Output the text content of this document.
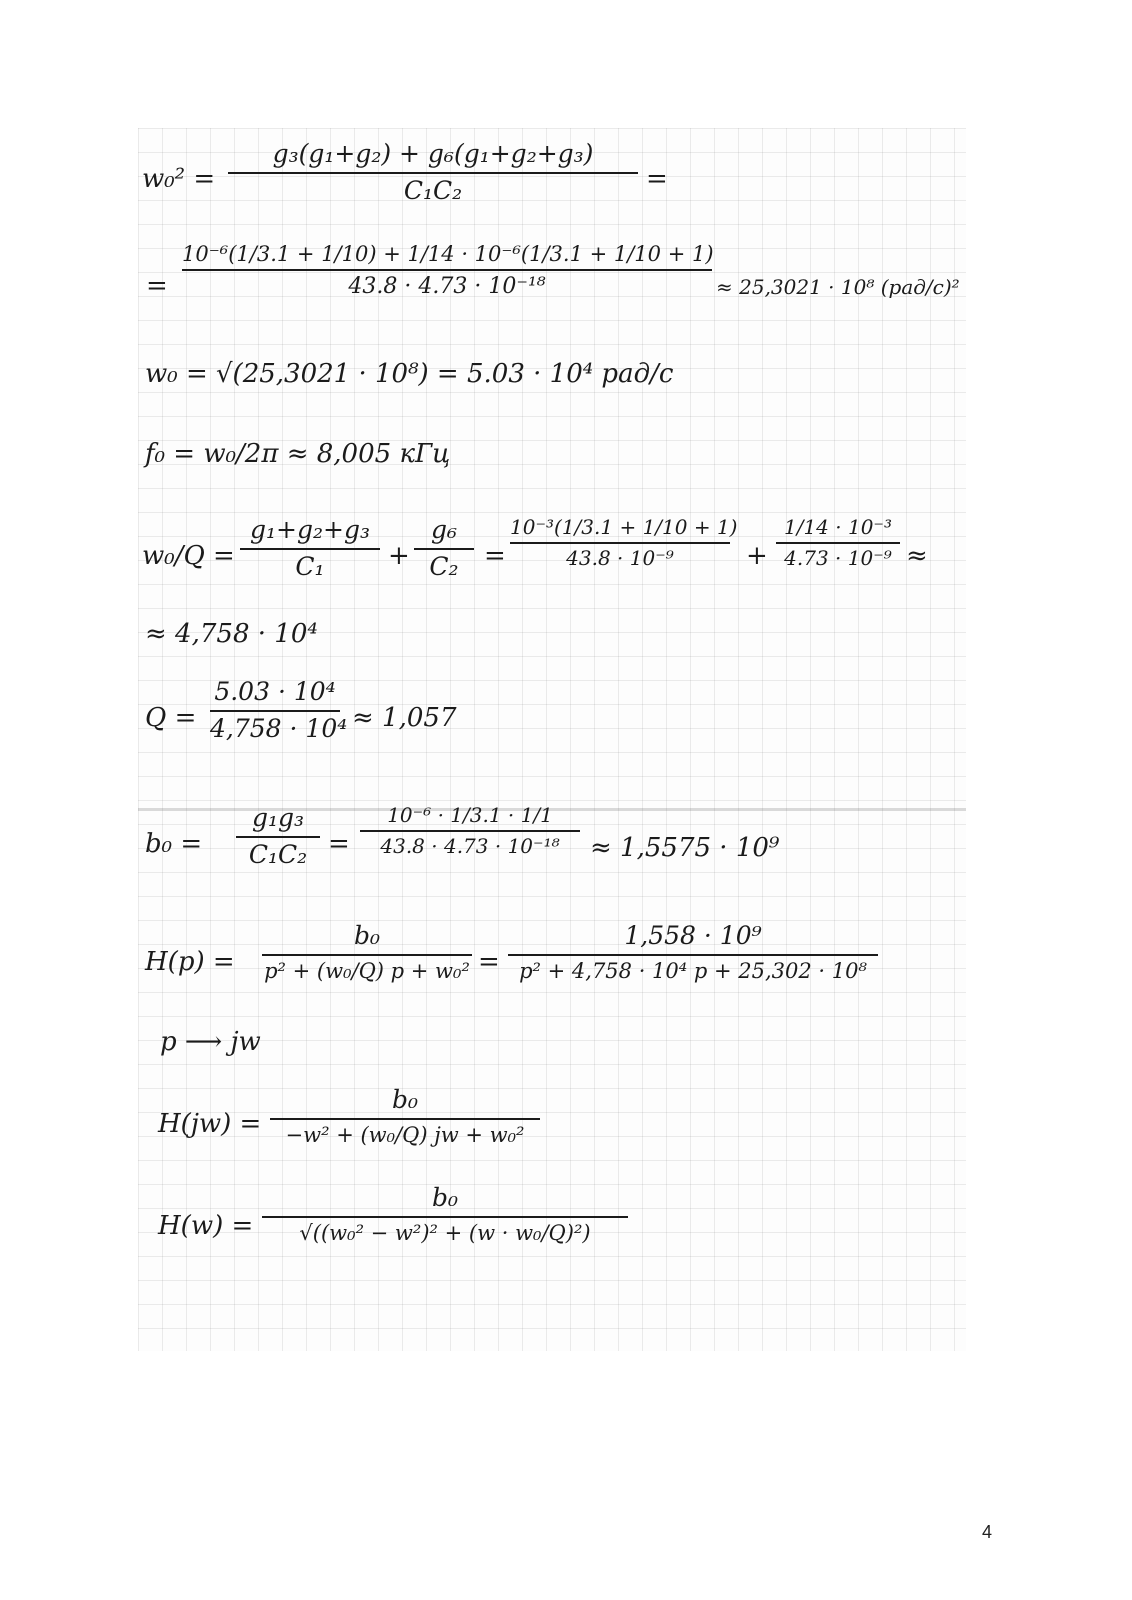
w₀² =
g₃(g₁+g₂) + g₆(g₁+g₂+g₃)
C₁C₂	=
=
10⁻⁶(1/3.1 + 1/10) + 1/14 · 10⁻⁶(1/3.1 + 1/10 + 1)
43.8 · 4.73 · 10⁻¹⁸	≈ 25,3021 · 10⁸ (рад/с)²
w₀ = √(25,3021 · 10⁸) = 5.03 · 10⁴ рад/с
f₀ = w₀/2π ≈ 8,005 кГц
w₀/Q =
g₁+g₂+g₃
C₁	+
g₆
C₂ =
10⁻³(1/3.1 + 1/10 + 1)
43.8 · 10⁻⁹	+
1/14 · 10⁻³
4.73 · 10⁻⁹ ≈
≈ 4,758 · 10⁴
Q =
5.03 · 10⁴
4,758 · 10⁴ ≈ 1,057
b₀ =
g₁g₃
C₁C₂ =
10⁻⁶ · 1/3.1 · 1/1
43.8 · 4.73 · 10⁻¹⁸	≈ 1,5575 · 10⁹
H(p) =
b₀
p² + (w₀/Q) p + w₀² =
1,558 · 10⁹
p² + 4,758 · 10⁴ p + 25,302 · 10⁸
p ⟶ jw
H(jw) =
b₀
−w² + (w₀/Q) jw + w₀²
H(w) =
b₀
√((w₀² − w²)² + (w · w₀/Q)²)
4
